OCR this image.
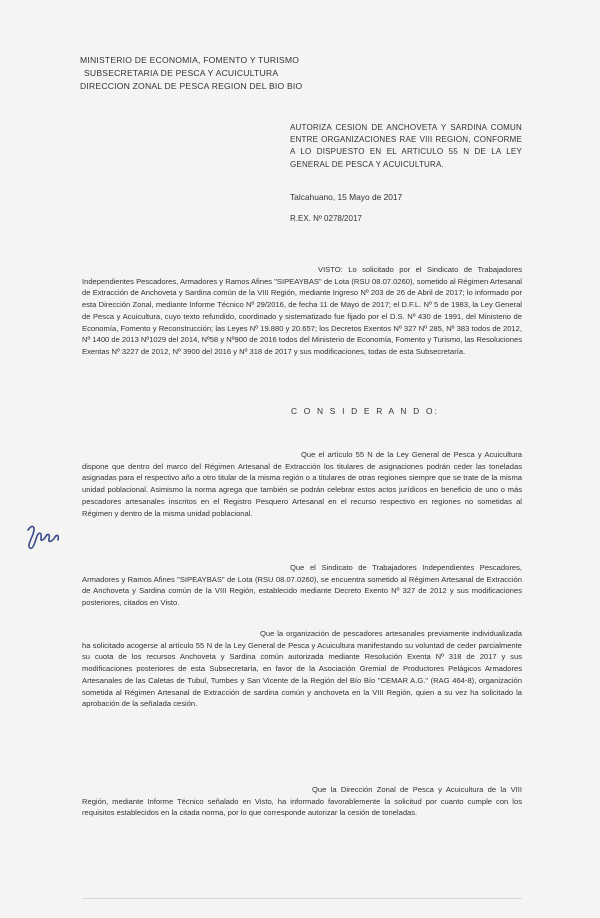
MINISTERIO DE ECONOMIA, FOMENTO Y TURISMO
SUBSECRETARIA DE PESCA Y ACUICULTURA
DIRECCION ZONAL DE PESCA REGION DEL BIO BIO
AUTORIZA CESION DE ANCHOVETA Y SARDINA COMUN ENTRE ORGANIZACIONES RAE VIII REGION, CONFORME A LO DISPUESTO EN EL ARTICULO 55 N DE LA LEY GENERAL DE PESCA Y ACUICULTURA.
Talcahuano, 15 Mayo de 2017
R.EX. Nº 0278/2017

VISTO: Lo solicitado por el Sindicato de Trabajadores Independientes Pescadores, Armadores y Ramos Afines "SIPEAYBAS" de Lota (RSU 08.07.0260), sometido al Régimen Artesanal de Extracción de Anchoveta y Sardina común de la VIII Región, mediante Ingreso Nº 203 de 26 de Abril de 2017; lo informado por esta Dirección Zonal, mediante Informe Técnico Nº 29/2016, de fecha 11 de Mayo de 2017; el D.F.L. Nº 5 de 1983, la Ley General de Pesca y Acuicultura, cuyo texto refundido, coordinado y sistematizado fue fijado por el D.S. Nº 430 de 1991, del Ministerio de Economía, Fomento y Reconstrucción; las Leyes Nº 19.880 y 20.657; los Decretos Exentos Nº 327 Nº 285, Nº 383 todos de 2012, Nº 1400 de 2013 Nº1029 del 2014, Nº58 y Nº900 de 2016 todos del Ministerio de Economía, Fomento y Turismo, las Resoluciones Exentas Nº 3227 de 2012, Nº 3900 del 2016 y Nº 318 de 2017 y sus modificaciones, todas de esta Subsecretaría.

C O N S I D E R A N D O:

Que el artículo 55 N de la Ley General de Pesca y Acuicultura dispone que dentro del marco del Régimen Artesanal de Extracción los titulares de asignaciones podrán ceder las toneladas asignadas para el respectivo año a otro titular de la misma región o a titulares de otras regiones siempre que se trate de la misma unidad poblacional. Asimismo la norma agrega que también se podrán celebrar estos actos jurídicos en beneficio de uno o más pescadores artesanales inscritos en el Registro Pesquero Artesanal en el recurso respectivo en regiones no sometidas al Régimen y dentro de la misma unidad poblacional.

Que el Sindicato de Trabajadores Independientes Pescadores, Armadores y Ramos Afines "SIPEAYBAS" de Lota (RSU 08.07.0260), se encuentra sometido al Régimen Artesanal de Extracción de Anchoveta y Sardina común de la VIII Región, establecido mediante Decreto Exento Nº 327 de 2012 y sus modificaciones posteriores, citados en Visto.

Que la organización de pescadores artesanales previamente individualizada ha solicitado acogerse al artículo 55 N de la Ley General de Pesca y Acuicultura manifestando su voluntad de ceder parcialmente su cuota de los recursos Anchoveta y Sardina común autorizada mediante Resolución Exenta Nº 318 de 2017 y sus modificaciones posteriores de esta Subsecretaría, en favor de la Asociación Gremial de Productores Pelágicos Armadores Artesanales de las Caletas de Tubul, Tumbes y San Vicente de la Región del Bío Bío "CEMAR A.G." (RAG 464-8), organización sometida al Régimen Artesanal de Extracción de sardina común y anchoveta en la VIII Región, quien a su vez ha solicitado la aprobación de la señalada cesión.

Que la Dirección Zonal de Pesca y Acuicultura de la VIII Región, mediante Informe Técnico señalado en Visto, ha informado favorablemente la solicitud por cuanto cumple con los requisitos establecidos en la citada norma, por lo que corresponde autorizar la cesión de toneladas.
